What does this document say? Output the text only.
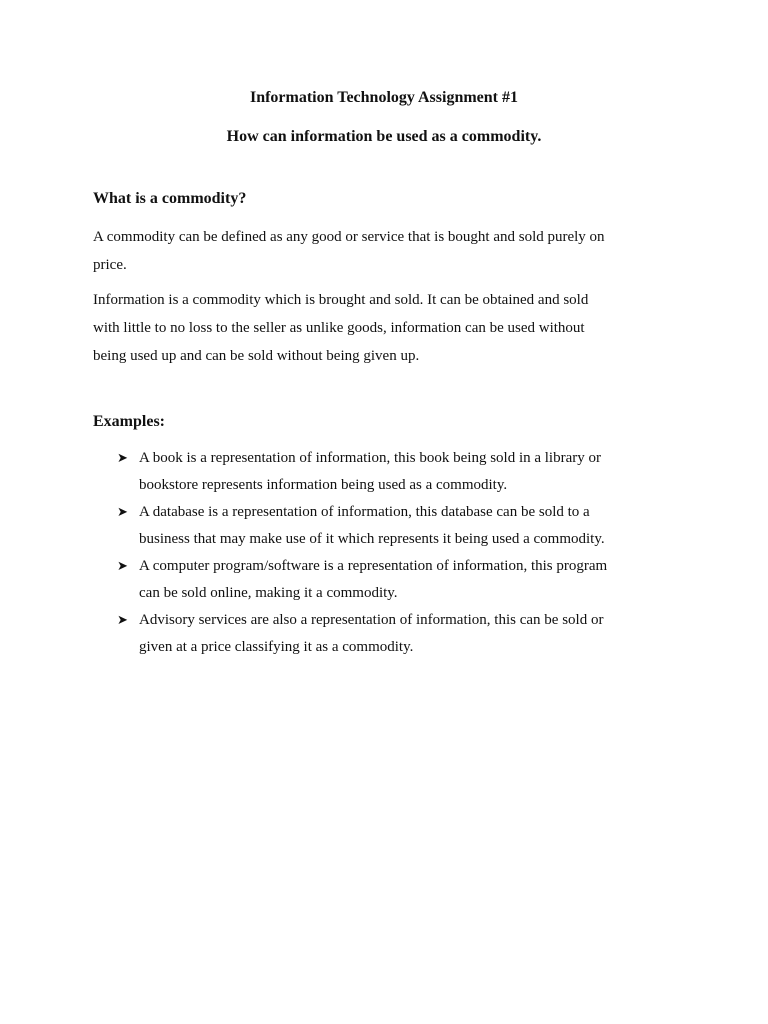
Information Technology Assignment #1
How can information be used as a commodity.
What is a commodity?
A commodity can be defined as any good or service that is bought and sold purely on
price.
Information is a commodity which is brought and sold. It can be obtained and sold
with little to no loss to the seller as unlike goods, information can be used without
being used up and can be sold without being given up.
Examples:
➤ A book is a representation of information, this book being sold in a library or
bookstore represents information being used as a commodity.
➤ A database is a representation of information, this database can be sold to a
business that may make use of it which represents it being used a commodity.
➤ A computer program/software is a representation of information, this program
can be sold online, making it a commodity.
➤ Advisory services are also a representation of information, this can be sold or
given at a price classifying it as a commodity.
